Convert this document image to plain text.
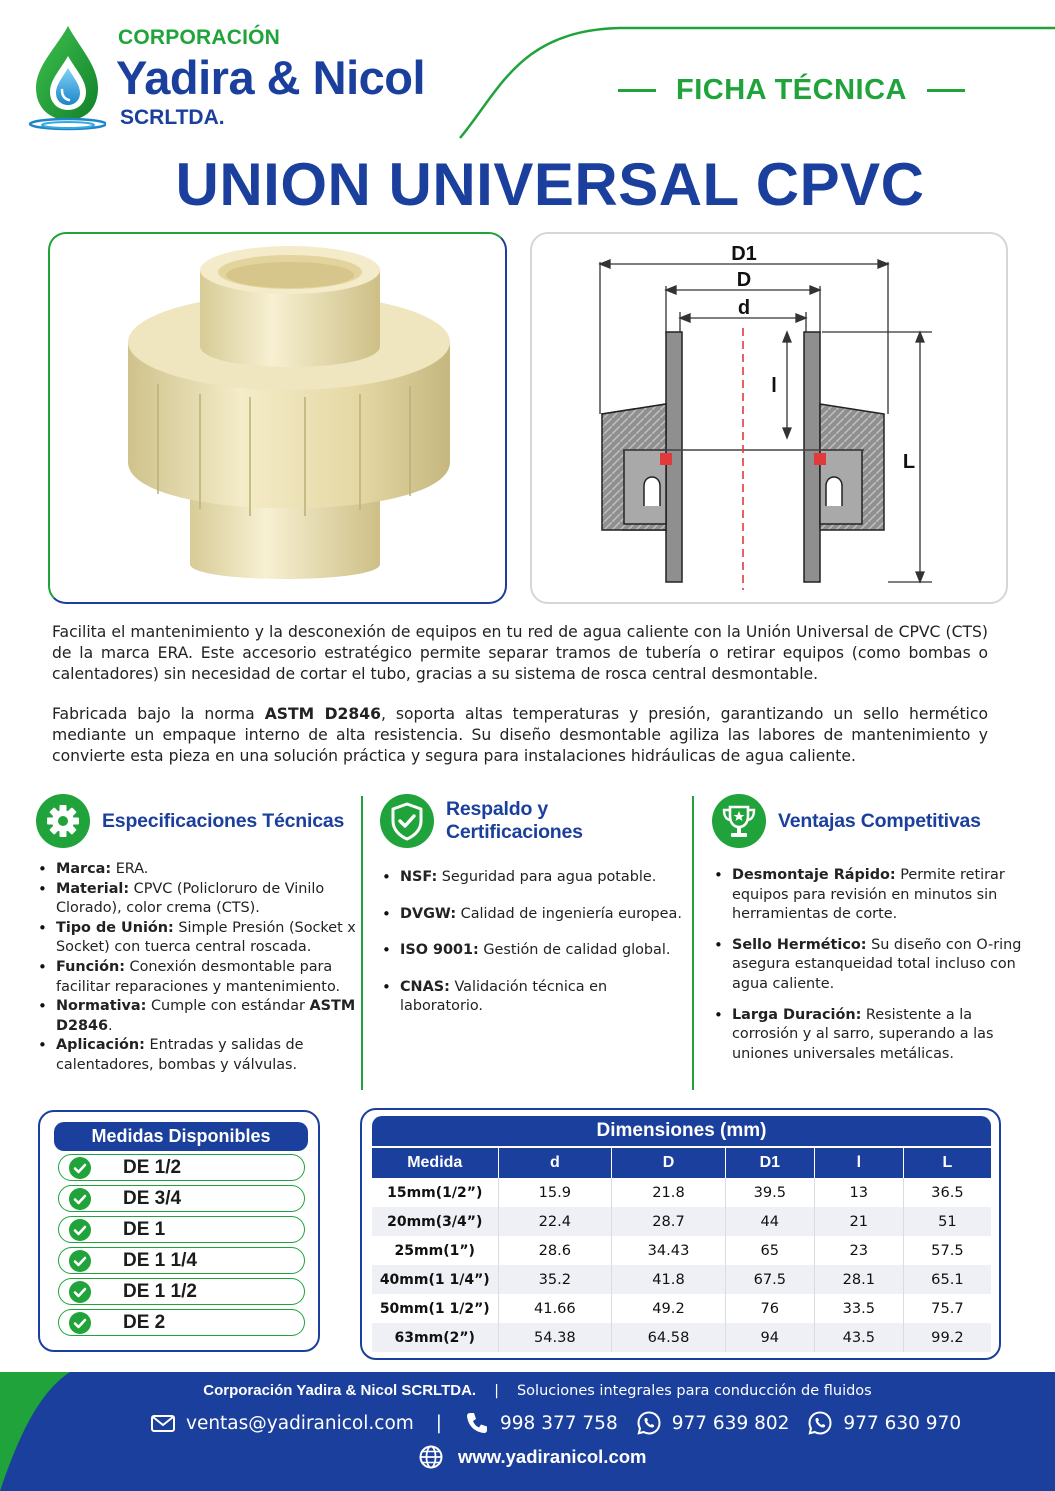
CORPORACIÓN
Yadira & Nicol
SCRLTDA.
FICHA TÉCNICA
UNION UNIVERSAL CPVC
D1
D
d
l
L

Facilita el mantenimiento y la desconexión de equipos en tu red de agua caliente con la Unión Universal de CPVC (CTS) de la marca ERA. Este accesorio estratégico permite separar tramos de tubería o retirar equipos (como bombas o calentadores) sin necesidad de cortar el tubo, gracias a su sistema de rosca central desmontable.

Fabricada bajo la norma ASTM D2846, soporta altas temperaturas y presión, garantizando un sello hermético mediante un empaque interno de alta resistencia. Su diseño desmontable agiliza las labores de mantenimiento y convierte esta pieza en una solución práctica y segura para instalaciones hidráulicas de agua caliente.

Especificaciones Técnicas
• Marca: ERA.
• Material: CPVC (Policloruro de Vinilo Clorado), color crema (CTS).
• Tipo de Unión: Simple Presión (Socket x Socket) con tuerca central roscada.
• Función: Conexión desmontable para facilitar reparaciones y mantenimiento.
• Normativa: Cumple con estándar ASTM D2846.
• Aplicación: Entradas y salidas de calentadores, bombas y válvulas.
Respaldo y Certificaciones
• NSF: Seguridad para agua potable.
• DVGW: Calidad de ingeniería europea.
• ISO 9001: Gestión de calidad global.
• CNAS: Validación técnica en laboratorio.
Ventajas Competitivas
• Desmontaje Rápido: Permite retirar equipos para revisión en minutos sin herramientas de corte.
• Sello Hermético: Su diseño con O-ring asegura estanqueidad total incluso con agua caliente.
• Larga Duración: Resistente a la corrosión y al sarro, superando a las uniones universales metálicas.
Medidas Disponibles
DE 1/2
DE 3/4
DE 1
DE 1 1/4
DE 1 1/2
DE 2
Dimensiones (mm)
Medida	d	D	D1	l	L
15mm(1/2”)	15.9	21.8	39.5	13	36.5
20mm(3/4”)	22.4	28.7	44	21	51
25mm(1”)	28.6	34.43	65	23	57.5
40mm(1 1/4”)	35.2	41.8	67.5	28.1	65.1
50mm(1 1/2”)	41.66	49.2	76	33.5	75.7
63mm(2”)	54.38	64.58	94	43.5	99.2
Corporación Yadira & Nicol SCRLTDA. | Soluciones integrales para conducción de fluidos
ventas@yadiranicol.com |	998 377 758	977 639 802	977 630 970
www.yadiranicol.com
